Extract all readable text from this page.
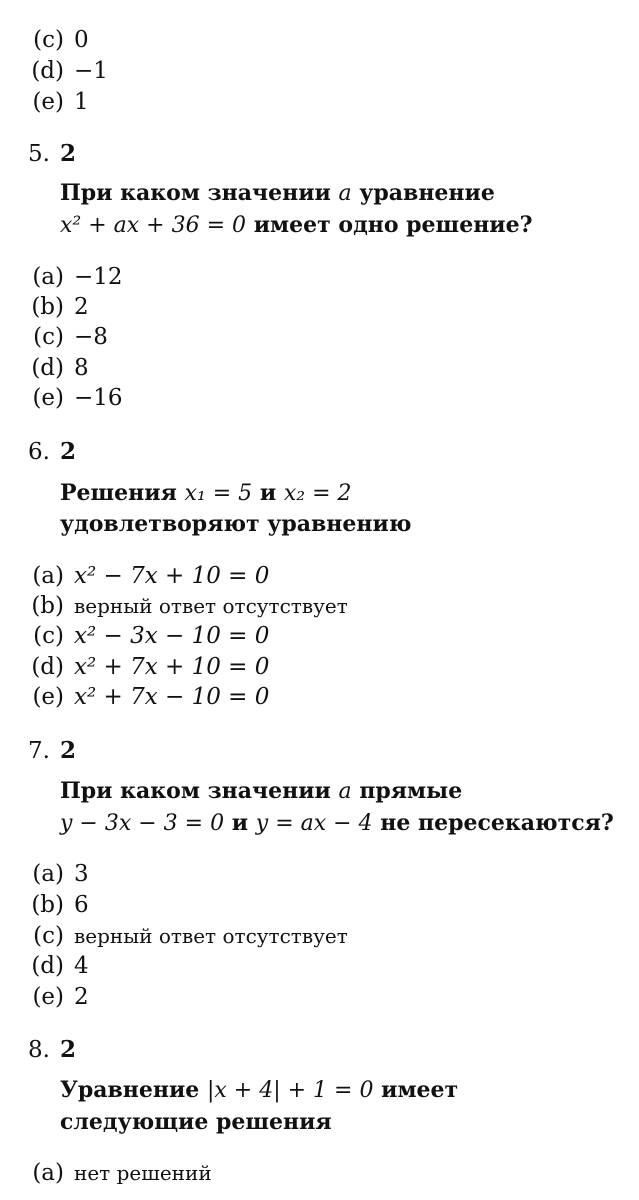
(c) 0
(d) −1
(e) 1
5. 2
При каком значении a уравнение
x² + ax + 36 = 0 имеет одно решение?
(a) −12
(b) 2
(c) −8
(d) 8
(e) −16
6. 2
Решения x₁ = 5 и x₂ = 2
удовлетворяют уравнению
(a) x² − 7x + 10 = 0
(b) верный ответ отсутствует
(c) x² − 3x − 10 = 0
(d) x² + 7x + 10 = 0
(e) x² + 7x − 10 = 0
7. 2
При каком значении a прямые
y − 3x − 3 = 0 и y = ax − 4 не пересекаются?
(a) 3
(b) 6
(c) верный ответ отсутствует
(d) 4
(e) 2
8. 2
Уравнение |x + 4| + 1 = 0 имеет
следующие решения
(a) нет решений
